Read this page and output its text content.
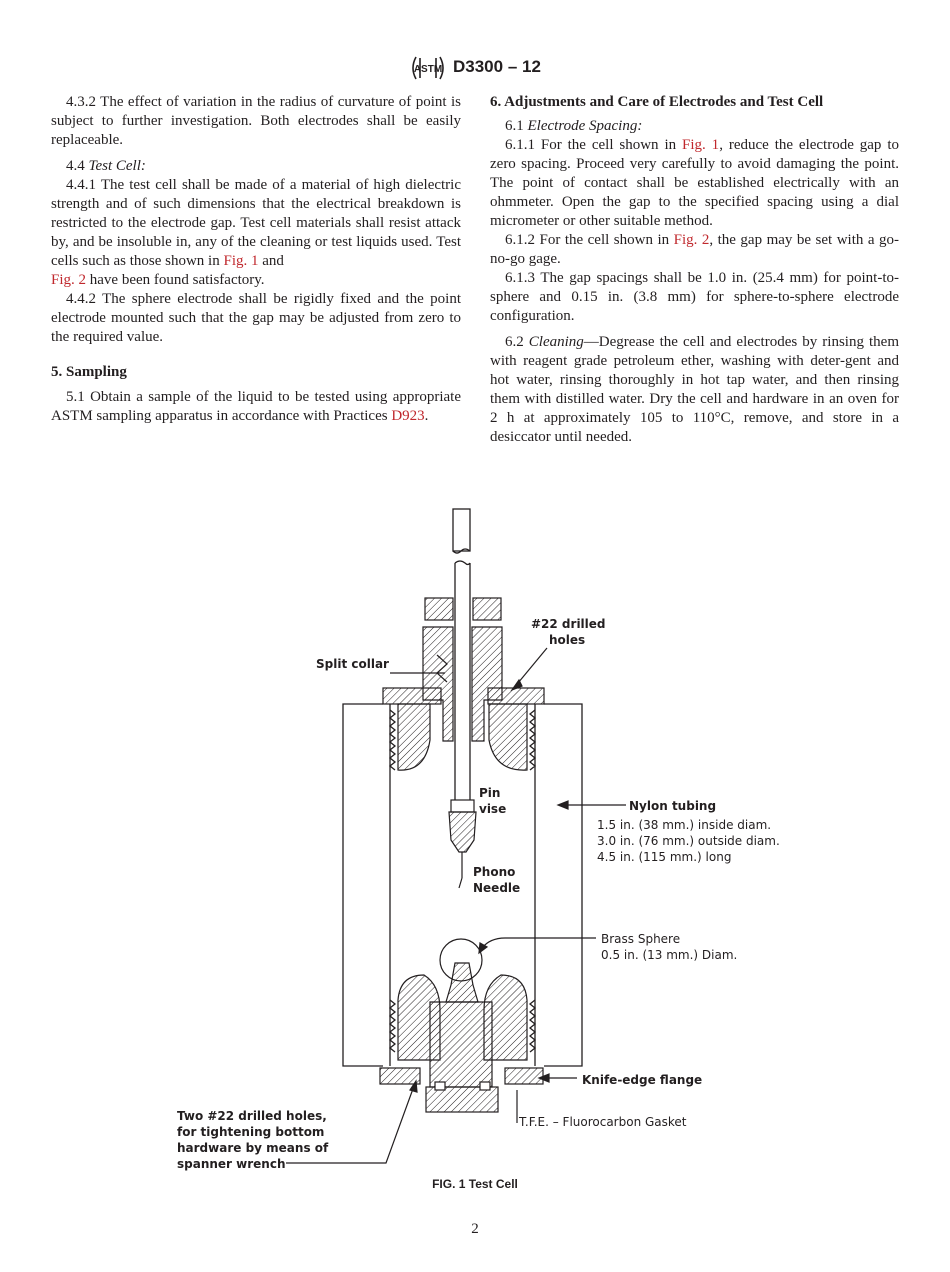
ASTM D3300 – 12

4.3.2 The effect of variation in the radius of curvature of point is subject to further investigation. Both electrodes shall be easily replaceable.

4.4 Test Cell:

4.4.1 The test cell shall be made of a material of high dielectric strength and of such dimensions that the electrical breakdown is restricted to the electrode gap. Test cell materials shall resist attack by, and be insoluble in, any of the cleaning or test liquids used. Test cells such as those shown in Fig. 1 and
Fig. 2 have been found satisfactory.

4.4.2 The sphere electrode shall be rigidly fixed and the point electrode mounted such that the gap may be adjusted from zero to the required value.

5. Sampling

5.1 Obtain a sample of the liquid to be tested using appropriate ASTM sampling apparatus in accordance with Practices D923.

6. Adjustments and Care of Electrodes and Test Cell

6.1 Electrode Spacing:

6.1.1 For the cell shown in Fig. 1, reduce the electrode gap to zero spacing. Proceed very carefully to avoid damaging the point. The point of contact shall be established electrically with an ohmmeter. Open the gap to the specified spacing using a dial micrometer or other suitable method.

6.1.2 For the cell shown in Fig. 2, the gap may be set with a go-no-go gage.

6.1.3 The gap spacings shall be 1.0 in. (25.4 mm) for point-to-sphere and 0.15 in. (3.8 mm) for sphere-to-sphere electrode configuration.

6.2 Cleaning—Degrease the cell and electrodes by rinsing them with reagent grade petroleum ether, washing with deter-gent and hot water, rinsing thoroughly in hot tap water, and then rinsing them with distilled water. Dry the cell and hardware in an oven for 2 h at approximately 105 to 110°C, remove, and store in a desiccator until needed.

#22 drilled
holes
Split collar
Pin
vise
Phono
Needle
Nylon tubing
1.5 in. (38 mm.) inside diam.
3.0 in. (76 mm.) outside diam.
4.5 in. (115 mm.) long
Brass Sphere
0.5 in. (13 mm.) Diam.
Knife-edge flange
T.F.E. – Fluorocarbon Gasket
Two #22 drilled holes,
for tightening bottom
hardware by means of
spanner wrench
FIG. 1 Test Cell
2
